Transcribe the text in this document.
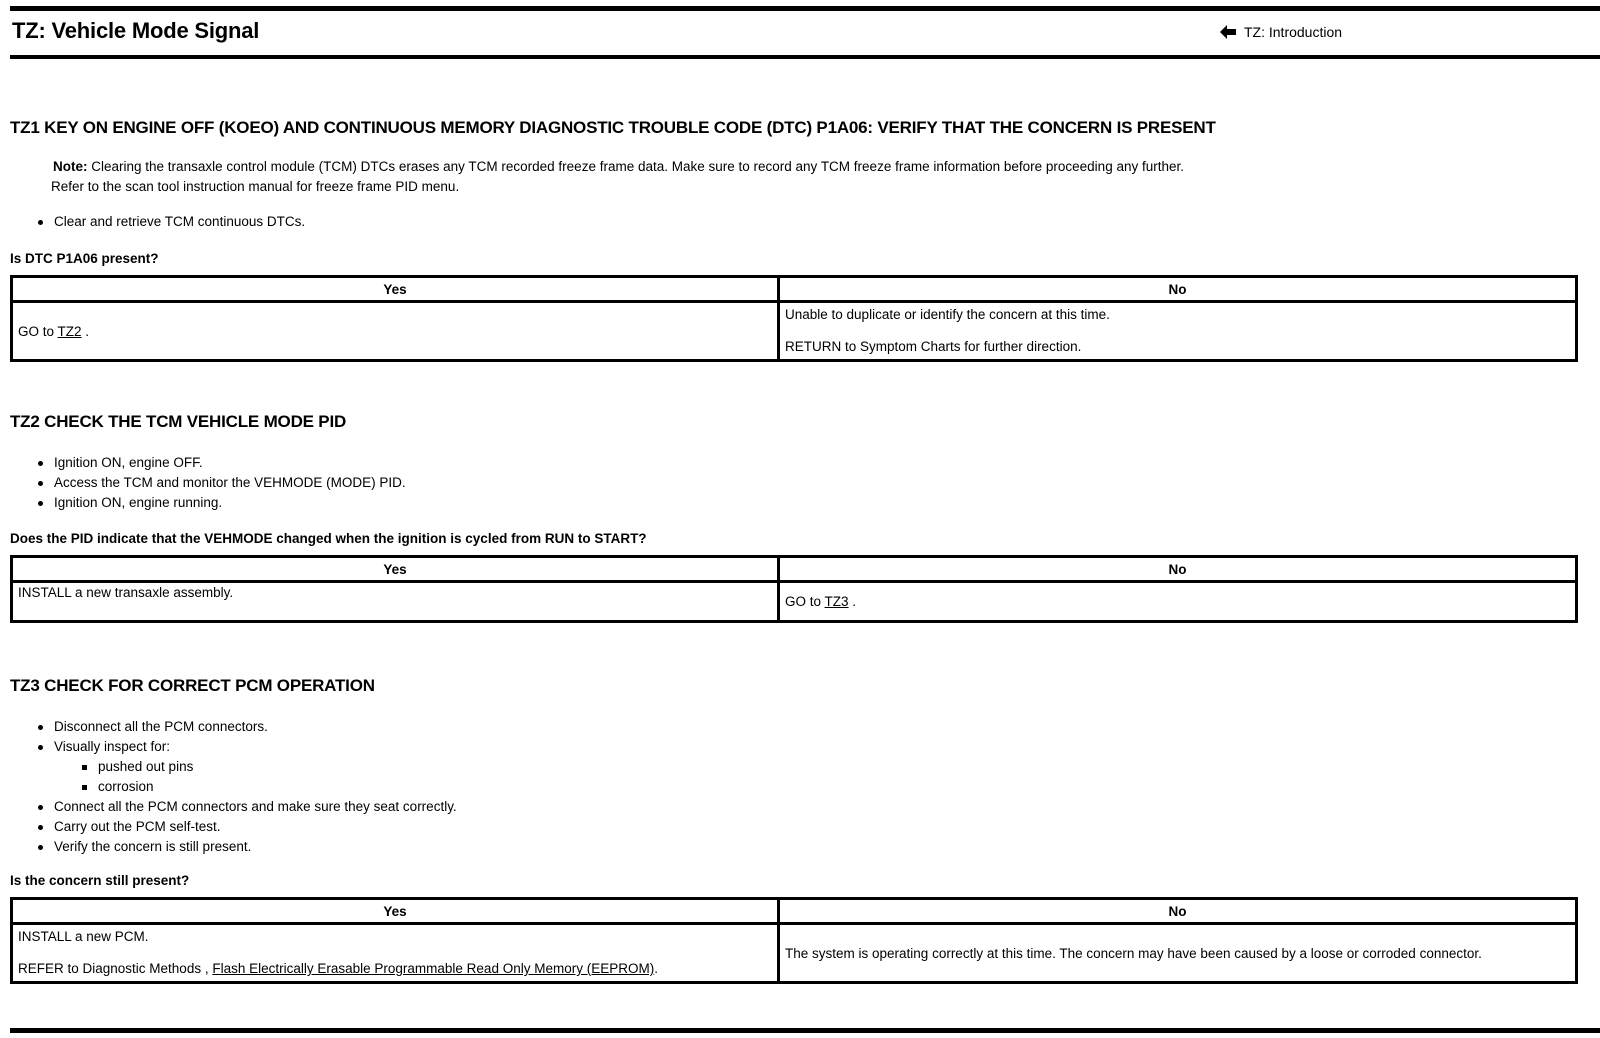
TZ: Vehicle Mode Signal	TZ: Introduction
TZ1 KEY ON ENGINE OFF (KOEO) AND CONTINUOUS MEMORY DIAGNOSTIC TROUBLE CODE (DTC) P1A06: VERIFY THAT THE CONCERN IS PRESENT
Note: Clearing the transaxle control module (TCM) DTCs erases any TCM recorded freeze frame data. Make sure to record any TCM freeze frame information before proceeding any further.
Refer to the scan tool instruction manual for freeze frame PID menu.
Clear and retrieve TCM continuous DTCs.
Is DTC P1A06 present?
Yes	No
GO to TZ2 .	Unable to duplicate or identify the concern at this time.

RETURN to Symptom Charts for further direction.

TZ2 CHECK THE TCM VEHICLE MODE PID
Ignition ON, engine OFF.
Access the TCM and monitor the VEHMODE (MODE) PID.
Ignition ON, engine running.
Does the PID indicate that the VEHMODE changed when the ignition is cycled from RUN to START?
Yes	No
INSTALL a new transaxle assembly.	GO to TZ3 .
TZ3 CHECK FOR CORRECT PCM OPERATION
Disconnect all the PCM connectors.
Visually inspect for:
pushed out pins
corrosion
Connect all the PCM connectors and make sure they seat correctly.
Carry out the PCM self-test.
Verify the concern is still present.
Is the concern still present?
Yes	No

INSTALL a new PCM.

REFER to Diagnostic Methods , Flash Electrically Erasable Programmable Read Only Memory (EEPROM).	The system is operating correctly at this time. The concern may have been caused by a loose or corroded connector.
